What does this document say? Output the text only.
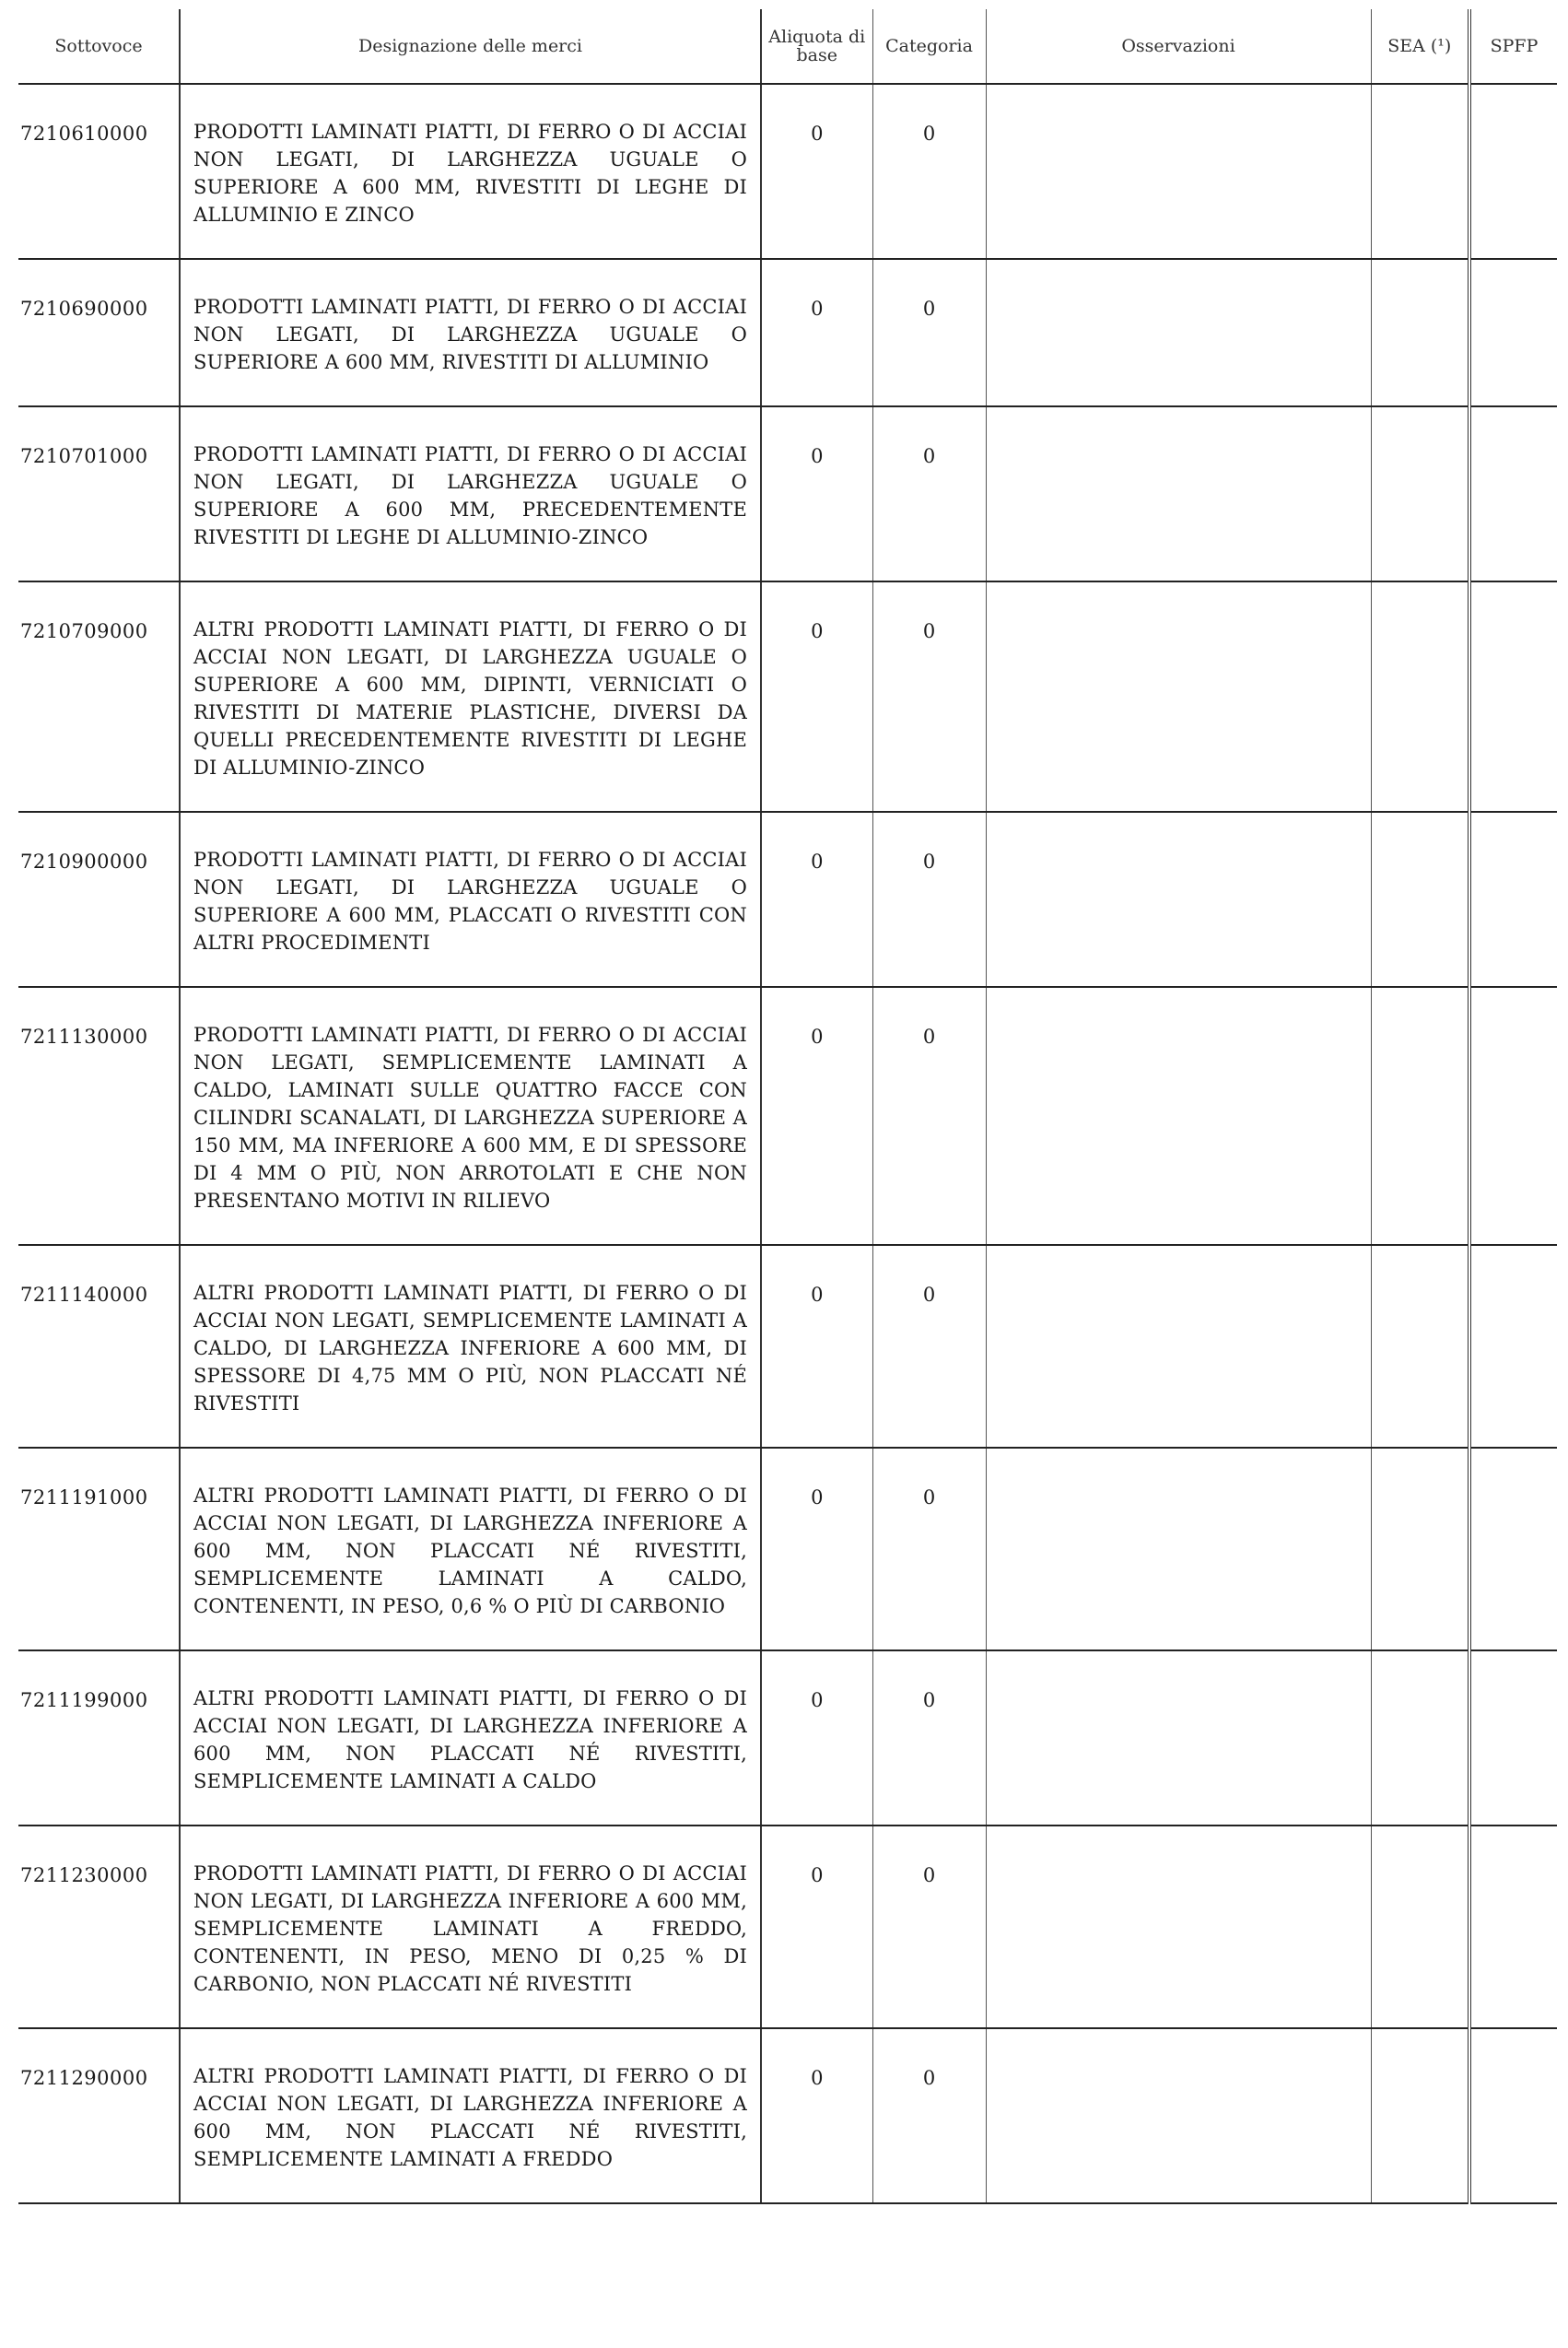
Sottovoce	Designazione delle merci	Aliquota di base	Categoria	Osservazioni	SEA (¹)	SPFP
7210610000	PRODOTTI LAMINATI PIATTI, DI FERRO O DI ACCIAI NON LEGATI, DI LARGHEZZA UGUALE O SUPERIORE A 600 MM, RIVESTITI DI LEGHE DI ALLUMINIO E ZINCO	0	0			
7210690000	PRODOTTI LAMINATI PIATTI, DI FERRO O DI ACCIAI NON LEGATI, DI LARGHEZZA UGUALE O SUPERIORE A 600 MM, RIVESTITI DI ALLUMINIO	0	0			
7210701000	PRODOTTI LAMINATI PIATTI, DI FERRO O DI ACCIAI NON LEGATI, DI LARGHEZZA UGUALE O SUPERIORE A 600 MM, PRECEDENTEMENTE RIVESTITI DI LEGHE DI ALLUMINIO-ZINCO	0	0			
7210709000	ALTRI PRODOTTI LAMINATI PIATTI, DI FERRO O DI ACCIAI NON LEGATI, DI LARGHEZZA UGUALE O SUPERIORE A 600 MM, DIPINTI, VERNICIATI O RIVESTITI DI MATERIE PLASTICHE, DIVERSI DA QUELLI PRECEDENTEMENTE RIVESTITI DI LEGHE DI ALLUMINIO-ZINCO	0	0			
7210900000	PRODOTTI LAMINATI PIATTI, DI FERRO O DI ACCIAI NON LEGATI, DI LARGHEZZA UGUALE O SUPERIORE A 600 MM, PLACCATI O RIVESTITI CON ALTRI PROCEDIMENTI	0	0			
7211130000	PRODOTTI LAMINATI PIATTI, DI FERRO O DI ACCIAI NON LEGATI, SEMPLICEMENTE LAMINATI A CALDO, LAMINATI SULLE QUATTRO FACCE CON CILINDRI SCANALATI, DI LARGHEZZA SUPERIORE A 150 MM, MA INFERIORE A 600 MM, E DI SPESSORE DI 4 MM O PIÙ, NON ARROTOLATI E CHE NON PRESENTANO MOTIVI IN RILIEVO	0	0			
7211140000	ALTRI PRODOTTI LAMINATI PIATTI, DI FERRO O DI ACCIAI NON LEGATI, SEMPLICEMENTE LAMINATI A CALDO, DI LARGHEZZA INFERIORE A 600 MM, DI SPESSORE DI 4,75 MM O PIÙ, NON PLACCATI NÉ RIVESTITI	0	0			
7211191000	ALTRI PRODOTTI LAMINATI PIATTI, DI FERRO O DI ACCIAI NON LEGATI, DI LARGHEZZA INFERIORE A 600 MM, NON PLACCATI NÉ RIVESTITI, SEMPLICEMENTE LAMINATI A CALDO, CONTENENTI, IN PESO, 0,6 % O PIÙ DI CARBONIO	0	0			
7211199000	ALTRI PRODOTTI LAMINATI PIATTI, DI FERRO O DI ACCIAI NON LEGATI, DI LARGHEZZA INFERIORE A 600 MM, NON PLACCATI NÉ RIVESTITI, SEMPLICEMENTE LAMINATI A CALDO	0	0			
7211230000	PRODOTTI LAMINATI PIATTI, DI FERRO O DI ACCIAI NON LEGATI, DI LARGHEZZA INFERIORE A 600 MM, SEMPLICEMENTE LAMINATI A FREDDO, CONTENENTI, IN PESO, MENO DI 0,25 % DI CARBONIO, NON PLACCATI NÉ RIVESTITI	0	0			
7211290000	ALTRI PRODOTTI LAMINATI PIATTI, DI FERRO O DI ACCIAI NON LEGATI, DI LARGHEZZA INFERIORE A 600 MM, NON PLACCATI NÉ RIVESTITI, SEMPLICEMENTE LAMINATI A FREDDO	0	0			
